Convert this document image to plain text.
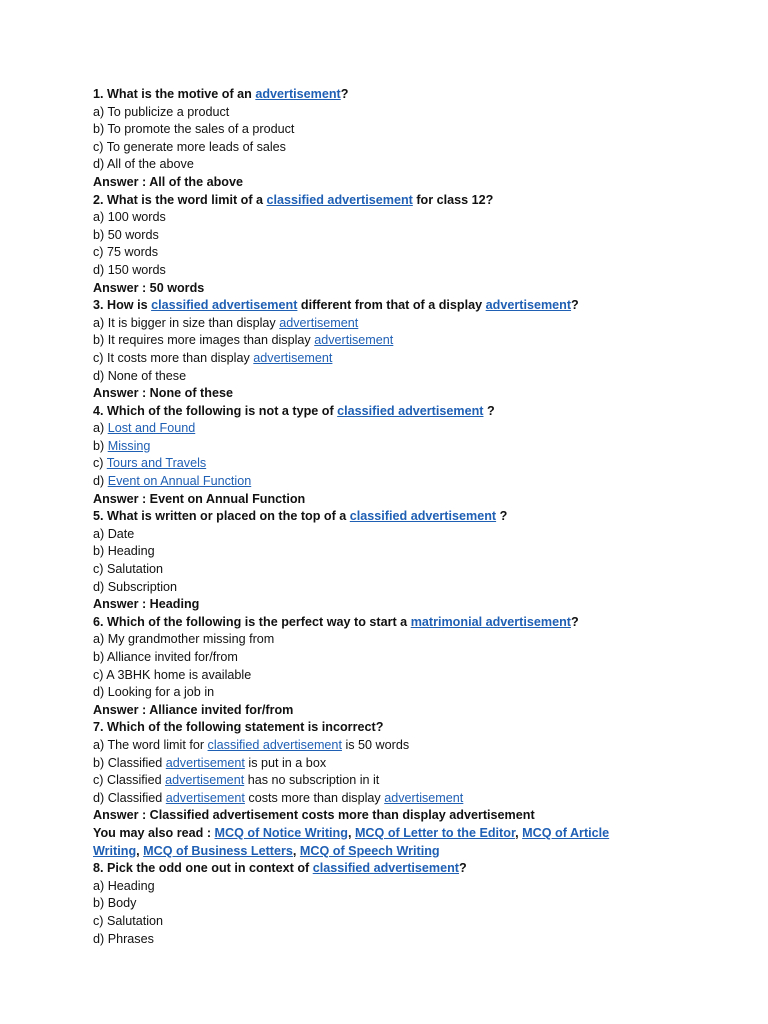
1. What is the motive of an advertisement?
a) To publicize a product
b) To promote the sales of a product
c) To generate more leads of sales
d) All of the above
Answer : All of the above
2. What is the word limit of a classified advertisement for class 12?
a) 100 words
b) 50 words
c) 75 words
d) 150 words
Answer : 50 words
3. How is classified advertisement different from that of a display advertisement?
a) It is bigger in size than display advertisement
b) It requires more images than display advertisement
c) It costs more than display advertisement
d) None of these
Answer : None of these
4. Which of the following is not a type of classified advertisement ?
a) Lost and Found
b) Missing
c) Tours and Travels
d) Event on Annual Function
Answer : Event on Annual Function
5. What is written or placed on the top of a classified advertisement ?
a) Date
b) Heading
c) Salutation
d) Subscription
Answer : Heading
6. Which of the following is the perfect way to start a matrimonial advertisement?
a) My grandmother missing from
b) Alliance invited for/from
c) A 3BHK home is available
d) Looking for a job in
Answer : Alliance invited for/from
7. Which of the following statement is incorrect?
a) The word limit for classified advertisement is 50 words
b) Classified advertisement is put in a box
c) Classified advertisement has no subscription in it
d) Classified advertisement costs more than display advertisement
Answer : Classified advertisement costs more than display advertisement
You may also read : MCQ of Notice Writing, MCQ of Letter to the Editor, MCQ of Article Writing, MCQ of Business Letters, MCQ of Speech Writing
8. Pick the odd one out in context of classified advertisement?
a) Heading
b) Body
c) Salutation
d) Phrases
